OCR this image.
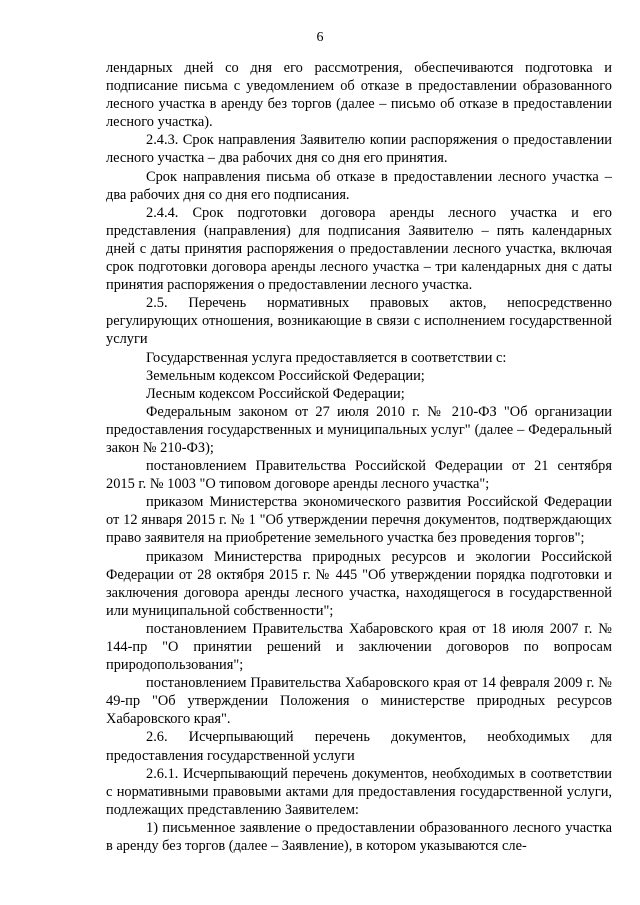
6

лендарных дней со дня его рассмотрения, обеспечиваются подготовка и подписание письма с уведомлением об отказе в предоставлении образованного лесного участка в аренду без торгов (далее – письмо об отказе в предоставлении лесного участка).

2.4.3. Срок направления Заявителю копии распоряжения о предоставлении лесного участка – два рабочих дня со дня его принятия.

Срок направления письма об отказе в предоставлении лесного участка – два рабочих дня со дня его подписания.

2.4.4. Срок подготовки договора аренды лесного участка и его представления (направления) для подписания Заявителю – пять календарных дней с даты принятия распоряжения о предоставлении лесного участка, включая срок подготовки договора аренды лесного участка – три календарных дня с даты принятия распоряжения о предоставлении лесного участка.

2.5. Перечень нормативных правовых актов, непосредственно регулирующих отношения, возникающие в связи с исполнением государственной услуги

Государственная услуга предоставляется в соответствии с:

Земельным кодексом Российской Федерации;

Лесным кодексом Российской Федерации;

Федеральным законом от 27 июля 2010 г. № 210-ФЗ "Об организации предоставления государственных и муниципальных услуг" (далее – Федеральный закон № 210-ФЗ);

постановлением Правительства Российской Федерации от 21 сентября 2015 г. № 1003 "О типовом договоре аренды лесного участка";

приказом Министерства экономического развития Российской Федерации от 12 января 2015 г. № 1 "Об утверждении перечня документов, подтверждающих право заявителя на приобретение земельного участка без проведения торгов";

приказом Министерства природных ресурсов и экологии Российской Федерации от 28 октября 2015 г. № 445 "Об утверждении порядка подготовки и заключения договора аренды лесного участка, находящегося в государственной или муниципальной собственности";

постановлением Правительства Хабаровского края от 18 июля 2007 г. № 144-пр "О принятии решений и заключении договоров по вопросам природопользования";

постановлением Правительства Хабаровского края от 14 февраля 2009 г. № 49-пр "Об утверждении Положения о министерстве природных ресурсов Хабаровского края".

2.6. Исчерпывающий перечень документов, необходимых для предоставления государственной услуги

2.6.1. Исчерпывающий перечень документов, необходимых в соответствии с нормативными правовыми актами для предоставления государственной услуги, подлежащих представлению Заявителем:

1) письменное заявление о предоставлении образованного лесного участка в аренду без торгов (далее – Заявление), в котором указываются сле-
